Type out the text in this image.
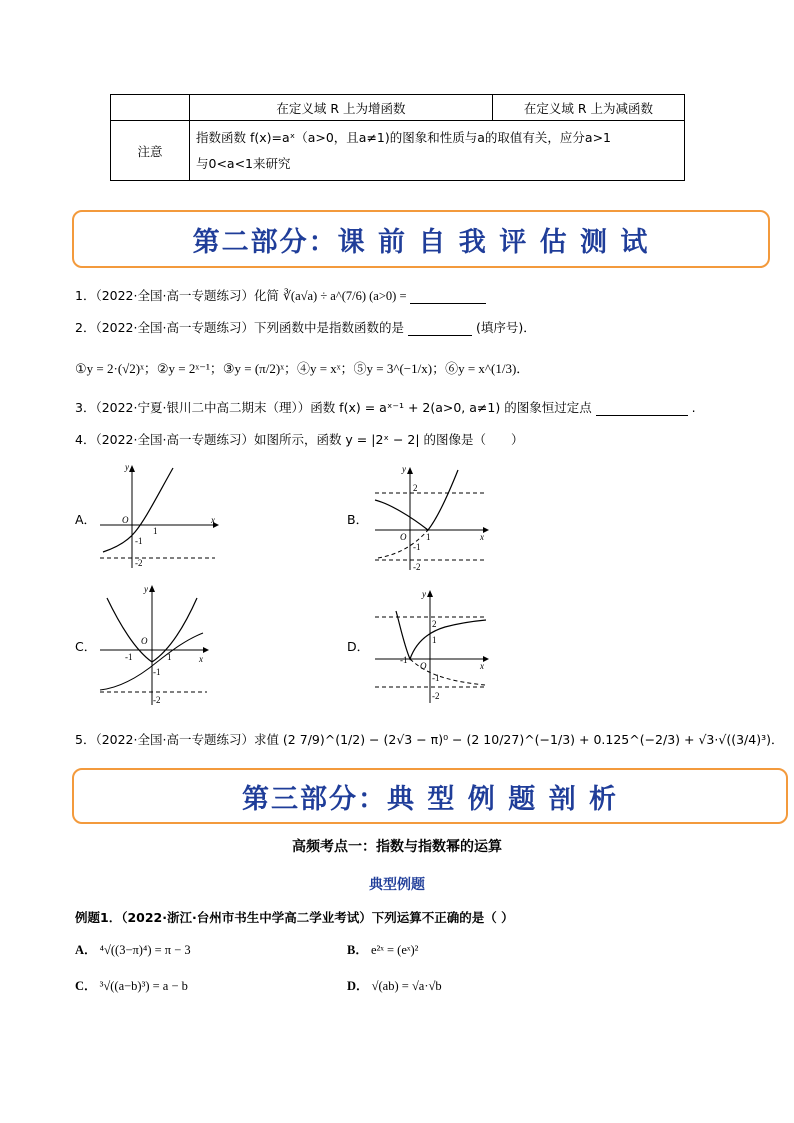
	在定义域 R 上为增函数	在定义域 R 上为减函数
注意	指数函数 f(x)=aˣ（a>0，且a≠1)的图象和性质与a的取值有关，应分a>1
与0<a<1来研究	
第二部分：课 前 自 我 评 估 测 试
1．（2022·全国·高一专题练习）化简 ∛(a√a) ÷ a^(7/6) (a>0) =
2．（2022·全国·高一专题练习）下列函数中是指数函数的是	(填序号)．
①y = 2·(√2)ˣ；②y = 2ˣ⁻¹；③y = (π/2)ˣ；④y = xˣ；⑤y = 3^(−1/x)；⑥y = x^(1/3)．
3．（2022·宁夏·银川二中高二期末（理））函数 f(x) = aˣ⁻¹ + 2(a>0, a≠1) 的图象恒过定点	.
4．（2022·全国·高一专题练习）如图所示，函数 y = |2ˣ − 2| 的图像是（　　）
A．
y
x
O
1
-1
-2
B．
y
x
O
2
1
-1
-2
C．
y
x
O
-1	1
-1
-2
D．
y
x
O
2
1
-1
-1
-2
5．（2022·全国·高一专题练习）求值 (2 7/9)^(1/2) − (2√3 − π)⁰ − (2 10/27)^(−1/3) + 0.125^(−2/3) + √3·√((3/4)³)．
第三部分：典 型 例 题 剖 析
高频考点一：指数与指数幂的运算
典型例题
例题1．（2022·浙江·台州市书生中学高二学业考试）下列运算不正确的是（ ）
A． ⁴√((3−π)⁴) = π − 3	B． e²ˣ = (eˣ)²
C． ³√((a−b)³) = a − b	D． √(ab) = √a·√b
